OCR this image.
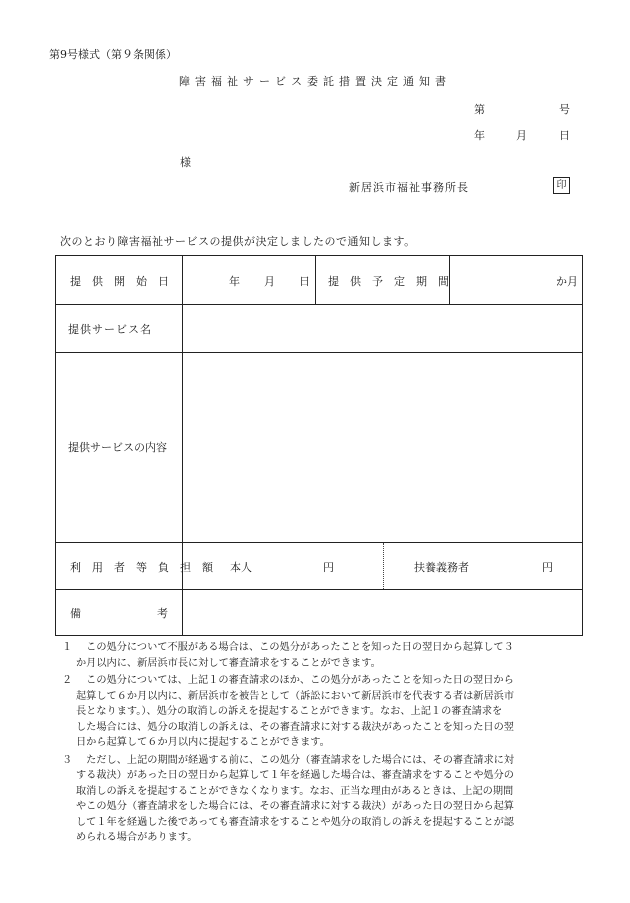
第9号様式（第９条関係）
障害福祉サービス委託措置決定通知書
第	号
年	月	日
様
新居浜市福祉事務所長	印
次のとおり障害福祉サービスの提供が決定しましたので通知します。
提　供　開　始　日	年 月 日 提　供　予　定　期　間	か月
提供サービス名
提供サービスの内容
利　用　者　等　負　担　額 本人	円	扶養義務者	円
備	考
１ 　この処分について不服がある場合は、この処分があったことを知った日の翌日から起算して３
か月以内に、新居浜市長に対して審査請求をすることができます。
２ 　この処分については、上記１の審査請求のほか、この処分があったことを知った日の翌日から
起算して６か月以内に、新居浜市を被告として（訴訟において新居浜市を代表する者は新居浜市
長となります。）、処分の取消しの訴えを提起することができます。なお、上記１の審査請求を
した場合には、処分の取消しの訴えは、その審査請求に対する裁決があったことを知った日の翌
日から起算して６か月以内に提起することができます。
３ 　ただし、上記の期間が経過する前に、この処分（審査請求をした場合には、その審査請求に対
する裁決）があった日の翌日から起算して１年を経過した場合は、審査請求をすることや処分の
取消しの訴えを提起することができなくなります。なお、正当な理由があるときは、上記の期間
やこの処分（審査請求をした場合には、その審査請求に対する裁決）があった日の翌日から起算
して１年を経過した後であっても審査請求をすることや処分の取消しの訴えを提起することが認
められる場合があります。
